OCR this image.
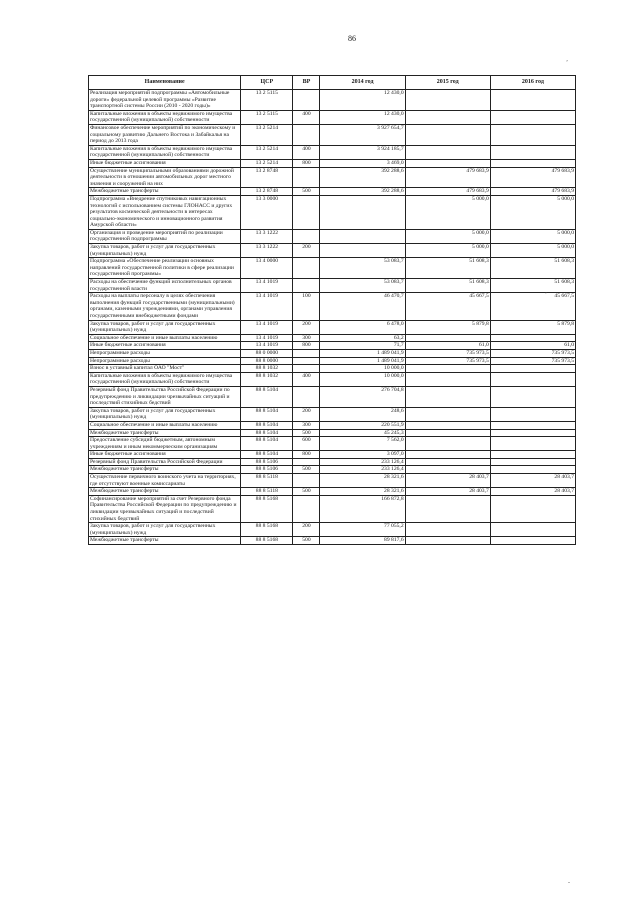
86
Наименование	ЦСР	ВР	2014 год	2015 год	2016 год
Реализация мероприятий подпрограммы «Автомобильные дороги» федеральной целевой программы «Развитие транспортной системы России (2010 - 2020 годы)»	13 2 5115		12 430,0		
Капитальные вложения в объекты недвижимого имущества государственной (муниципальной) собственности	13 2 5115	400	12 430,0		
Финансовое обеспечение мероприятий по экономическому и социальному развитию Дальнего Востока и Забайкалья на период до 2013 года	13 2 5214		3 927 654,7		
Капитальные вложения в объекты недвижимого имущества государственной (муниципальной) собственности	13 2 5214	400	3 924 185,7		
Иные бюджетные ассигнования	13 2 5214	800	3 469,0		
Осуществление муниципальными образованиями дорожной деятельности в отношении автомобильных дорог местного значения и сооружений на них	13 2 8748		392 288,6	479 683,9	479 683,9
Межбюджетные трансферты	13 2 8748	500	392 288,6	479 683,9	479 683,9
Подпрограмма «Внедрение спутниковых навигационных технологий с использованием системы ГЛОНАСС и других результатов космической деятельности в интересах социально-экономического и инновационного развития Амурской области»	13 3 0000			5 000,0	5 000,0
Организация и проведение мероприятий по реализации государственной подпрограммы	13 3 1222			5 000,0	5 000,0
Закупка товаров, работ и услуг для государственных (муниципальных) нужд	13 3 1222	200		5 000,0	5 000,0
Подпрограмма «Обеспечение реализации основных направлений государственной политики в сфере реализации государственной программы»	13 4 0000		53 083,7	51 608,3	51 608,3
Расходы на обеспечение функций исполнительных органов государственной власти	13 4 1019		53 083,7	51 608,3	51 608,3
Расходы на выплаты персоналу в целях обеспечения выполнения функций государственными (муниципальными) органами, казенными учреждениями, органами управления государственными внебюджетными фондами	13 4 1019	100	46 470,7	45 667,5	45 667,5
Закупка товаров, работ и услуг для государственных (муниципальных) нужд	13 4 1019	200	6 478,0	5 879,8	5 879,8
Социальное обеспечение и иные выплаты населению	13 4 1019	300	63,2		
Иные бюджетные ассигнования	13 4 1019	800	71,7	61,0	61,0
Непрограммные расходы	88 0 0000		1 489 041,9	735 973,5	735 973,5
Непрограммные расходы	88 8 0000		1 489 041,9	735 973,5	735 973,5
Взнос в уставный капитал ОАО "Мост"	88 8 1032		10 000,0		
Капитальные вложения в объекты недвижимого имущества государственной (муниципальной) собственности	88 8 1032	400	10 000,0		
Резервный фонд Правительства Российской Федерации по предупреждению и ликвидации чрезвычайных ситуаций и последствий стихийных бедствий	88 8 5104		276 704,8		
Закупка товаров, работ и услуг для государственных (муниципальных) нужд	88 8 5104	200	248,6		
Социальное обеспечение и иные выплаты населению	88 8 5104	300	220 551,9		
Межбюджетные трансферты	88 8 5104	500	45 245,3		
Предоставление субсидий бюджетным, автономным учреждениям и иным некоммерческим организациям	88 8 5104	600	7 562,0		
Иные бюджетные ассигнования	88 8 5104	800	3 097,0		
Резервный фонд Правительства Российской Федерации	88 8 5106		233 126,4		
Межбюджетные трансферты	88 8 5106	500	233 126,4		
Осуществление первичного воинского учета на территориях, где отсутствуют военные комиссариаты	88 8 5118		28 321,6	28 403,7	28 403,7
Межбюджетные трансферты	88 8 5118	500	28 321,6	28 403,7	28 403,7
Софинансирование мероприятий за счет Резервного фонда Правительства Российской Федерации по предупреждению и ликвидации чрезвычайных ситуаций и последствий стихийных бедствий	88 8 5168		166 872,8		
Закупка товаров, работ и услуг для государственных (муниципальных) нужд	88 8 5168	200	77 055,2		
Межбюджетные трансферты	88 8 5168	500	89 817,6		
ʼ
ʼ
-
